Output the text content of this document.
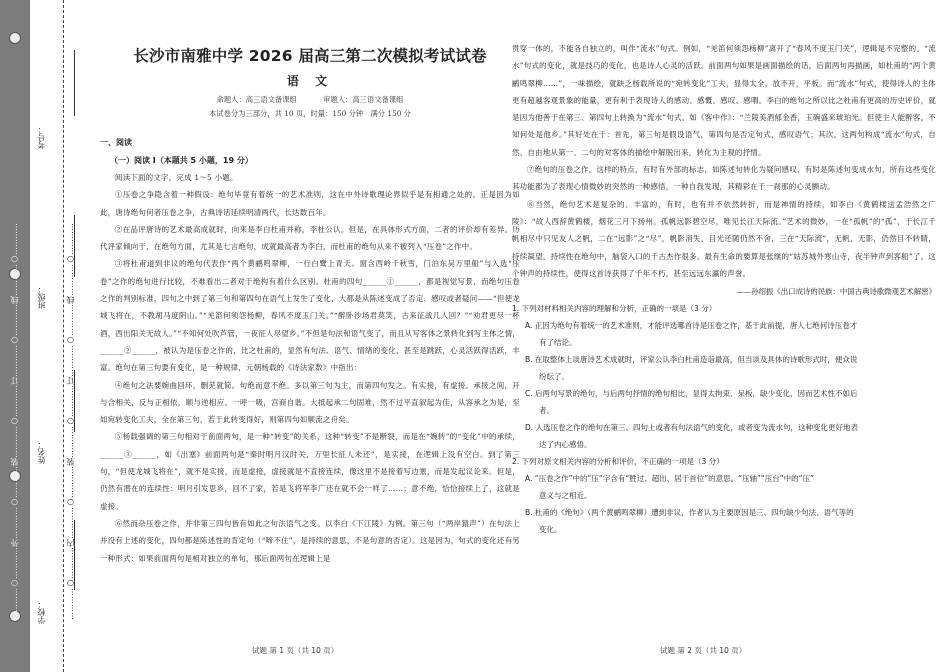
…………○…………外…………○…………装…………○…………订…………○…………线…………○………… 学校：
姓名：
班级：
考号：
…………○…………内…………○…………装…………○…………订…………○…………线…………○…………
长沙市南雅中学 2026 届高三第二次模拟考试试卷
语 文
命题人：高三语文备课组	审题人：高三语文备课组
本试卷分为三部分，共 10 页，时量：150 分钟　满分 150 分
一、阅读
（一）阅读 I（本题共 5 小题，19 分）

阅读下面的文字，完成 1～5 小题。

①压卷之争隐含着一种假设：绝句毕竟有着统一的艺术准则，这在中外诗歌理论界似乎是有相通之处的。正是因为如此，唐诗绝句何者压卷之争，古典诗话延续明清两代，长达数百年。

②在品评唐诗的艺术最高成就时，向来是李白杜甫并称，李杜公认。但是，在具体形式方面，二者的评价却有差异。历代评家倾向于，在绝句方面，尤其是七言绝句，成就最高者为李白，而杜甫的绝句从来不被列入“压卷”之作中。

③将杜甫道到非议的绝句代表作“两个黄鹂鸣翠柳，一行白鹭上青天。窗含西岭千秋雪，门泊东吴万里船”与入选“压卷”之作的绝句进行比较，不难看出二者对于绝构有着什么区别。杜甫的四句______①______，都是视觉写景，而绝句压卷之作的判别标准，四句之中到了第三句和第四句在语气上发生了变化，大都是从陈述变成了否定、感叹或者疑问——“但使龙城飞将在，不教胡马度阴山。”“羌笛何须怨杨柳，春风不度玉门关。”“醉卧沙场君莫笑，古来征战几人回？”“劝君更尽一杯酒，西出阳关无故人。”“不知何处吹芦管，一夜征人尽望乡。”不但是句法和语气变了，而且从写客体之景转化到写主体之情，______②______，被认为是压卷之作的，比之杜甫的，显然有句法、语气、情绪的变化，甚至是跳跃，心灵活跃得活跃，丰富。绝句在第三句要有变化，是一种规律，元朝杨载的《诗法家数》中指出：

④绝句之法要婉曲回环，删芜就简。句绝而意不绝。多以第三句为主，而第四句发之。有实接，有虚接。承接之间，开与合相关，反与正相依，顺与逆相应。一呼一吸，宫商自谐。大抵起承二句固难，然不过平直叙起为佳，从容承之为是，至如宛转变化工夫，全在第三句，若于此转变得好，则第四句如顺流之舟矣。

⑤杨载强调的第三句相对于前面两句，是一种“转变”的关系，这种“转变”不是断裂，而是在“婉转”的“变化”中的承续，______③______，如《出塞》前面两句是“秦时明月汉时关，万里长征人未还”，是实接，在逻辑上没有空白。到了第三句，“但使龙城飞将在”，就不是实接，而是虚接，虚接就是不直接连续，像这里不是接着写边塞，而是发起议论来。但是，仍然有潜在的连续性：明月引发思乡，回不了家，若是飞将军李广还在就不会一样了……；意不绝，恰恰接续上了，这就是虚接。

⑥然而杂压卷之作，并非第三四句皆有如此之句法语气之变。以李白《下江陵》为例。第三句（“两岸猿声”）在句法上并没有上述的变化，四句都是陈述性的肯定句（“啼不住”，是持续的意思，不是句意的否定）。这是因为，句式的变化还有另一种形式：如果前面两句是相对独立的单句，那后面两句在逻辑上是

贯穿一体的，不能各自独立的，叫作“流水”句式。例如，“羌笛何须怨杨柳”离开了“春风不度玉门关”，逻辑是不完整的。“流水”句式的变化，就是技巧的变化，也是诗人心灵的活跃。前面两句如果是画面描绘的话，后面两句再描画，如杜甫的“两个黄鹂鸣翠柳……”，一味描绘，就缺乏杨载所说的“宛转变化”工夫，显得太全，放不开，平板。而“流水”句式，使得诗人的主体更有超越客观景象的能量，更有利于表现诗人的感动、感慨、感叹、感喟。李白的绝句之所以比之杜甫有更高的历史评价，就是因为他善于在第三、第四句上转换为“流水”句式。如《客中作》：“兰陵美酒郁金香，玉碗盛来琥珀光。但使主人能醉客，不知何处是他乡。”其好处在于：首先，第三句是假设语气，第四句是否定句式，感叹语气；其次，这两句构成“流水”句式，自然、自由地从第一、二句的对客体的描绘中解脱出来，转化为主观的抒情。

⑦绝句的压卷之作，这样的特点，有时有外部的标志，如陈述句转化为疑问感叹，有时是陈述句变成水句，所有这些变化其功能都为了表现心情微妙的突然的一种感悟，一种自我发现，其精彩在于一刹那的心灵颤动。

⑧当然，绝句艺术是复杂的、丰富的，有时，也有并不依然转折，而是神情的持续，如李白《黄鹤楼送孟浩然之广陵》：“故人西辞黄鹤楼，烟花三月下扬州。孤帆远影碧空尽，唯见长江天际流。”艺术的微妙，一在“孤帆”的“孤”，于长江千帆相尽中只见友人之帆，二在“远影”之“尽”，帆影消失，目光还随仍然不舍，三在“天际流”，无帆，无影，仍然目不转睛，持续凝望。持续性在绝句中，脑袋入口的千古杰作很多。最有生命的要算是张继的“姑苏城外寒山寺，夜半钟声到客船”了。这个钟声的持续性，使得这首诗获得了千年不朽，甚至远远东瀛的声誉。

——孙绍振《出口成诗的民族：中国古典诗歌微观艺术解密》

1. 下列对材料相关内容的理解和分析，正确的一项是（3 分）

A. 正因为绝句有着统一的艺术准则，才能评选哪首诗是压卷之作，基于此前提，唐人七绝何诗压卷才
有了结论。
B. 在取整体上谈唐诗艺术成就时，评家公认李白杜甫造诣最高，但当谈及具体的诗歌形式时，便众说
纷纭了。
C. 后两句写景的绝句，与后两句抒情的绝句相比，显得太拘束、呆板，缺少变化，因而艺术性不如后
者。
D. 入选压卷之作的绝句在第三、四句上或者有句法语气的变化，或者变为流水句，这种变化更好地表
达了内心感悟。

2. 下列对原文相关内容的分析和评价，不正确的一项是（3 分）

A. “压卷之作”中的“压”字含有“胜过、超出、居于首位”的意思。“压轴”“压台”中的“压”
意义与之相近。
B. 杜甫的《绝句》（两个黄鹂鸣翠柳）遭到非议，作者认为主要原因是三、四句缺少句法、语气等的
变化。
试题 第 1 页（共 10 页）	试题 第 2 页（共 10 页）
